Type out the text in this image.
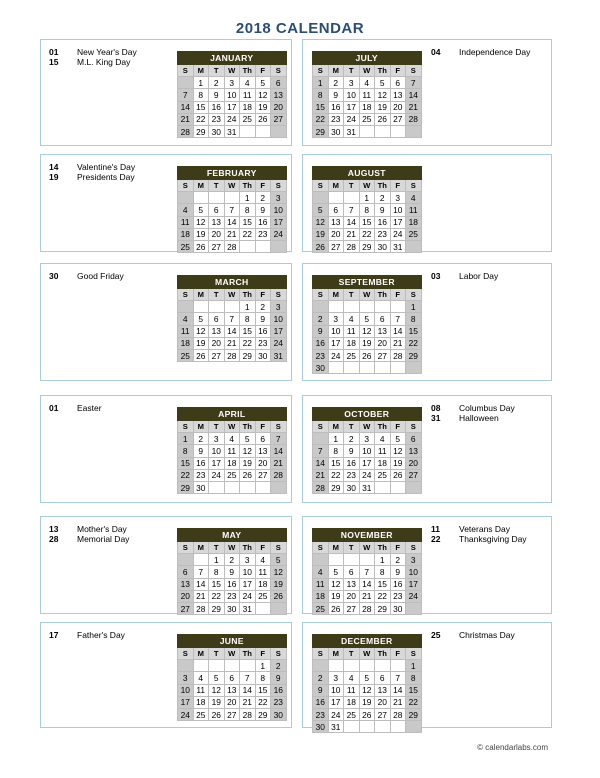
2018 CALENDAR
01 New Year's Day
15 M.L. King Day	JANUARY						
S	M	T	W	Th	F	S
	1	2	3	4	5	6
7	8	9	10	11	12	13
14	15	16	17	18	19	20
21	22	23	24	25	26	27
28	29	30	31			
14 Valentine's Day
19 Presidents Day	FEBRUARY						
S	M	T	W	Th	F	S
				1	2	3
4	5	6	7	8	9	10
11	12	13	14	15	16	17
18	19	20	21	22	23	24
25	26	27	28			
30 Good Friday
MARCH						
S	M	T	W	Th	F	S
				1	2	3
4	5	6	7	8	9	10
11	12	13	14	15	16	17
18	19	20	21	22	23	24
25	26	27	28	29	30	31
01 Easter
APRIL						
S	M	T	W	Th	F	S
1	2	3	4	5	6	7
8	9	10	11	12	13	14
15	16	17	18	19	20	21
22	23	24	25	26	27	28
29	30					
13 Mother's Day
28 Memorial Day	MAY						
S	M	T	W	Th	F	S
		1	2	3	4	5
6	7	8	9	10	11	12
13	14	15	16	17	18	19
20	21	22	23	24	25	26
27	28	29	30	31		
17 Father's Day
JUNE						
S	M	T	W	Th	F	S
					1	2
3	4	5	6	7	8	9
10	11	12	13	14	15	16
17	18	19	20	21	22	23
24	25	26	27	28	29	30
04 Independence Day
JULY						
S	M	T	W	Th	F	S
1	2	3	4	5	6	7
8	9	10	11	12	13	14
15	16	17	18	19	20	21
22	23	24	25	26	27	28
29	30	31				
AUGUST						
S	M	T	W	Th	F	S
			1	2	3	4
5	6	7	8	9	10	11
12	13	14	15	16	17	18
19	20	21	22	23	24	25
26	27	28	29	30	31	
03 Labor Day
SEPTEMBER						
S	M	T	W	Th	F	S
						1
2	3	4	5	6	7	8
9	10	11	12	13	14	15
16	17	18	19	20	21	22
23	24	25	26	27	28	29
30						
08 Columbus Day
31 Halloween
OCTOBER						
S	M	T	W	Th	F	S
	1	2	3	4	5	6
7	8	9	10	11	12	13
14	15	16	17	18	19	20
21	22	23	24	25	26	27
28	29	30	31			
11 Veterans Day
22 Thanksgiving Day
NOVEMBER						
S	M	T	W	Th	F	S
				1	2	3
4	5	6	7	8	9	10
11	12	13	14	15	16	17
18	19	20	21	22	23	24
25	26	27	28	29	30	
25 Christmas Day
DECEMBER						
S	M	T	W	Th	F	S
						1
2	3	4	5	6	7	8
9	10	11	12	13	14	15
16	17	18	19	20	21	22
23	24	25	26	27	28	29
30	31					
© calendarlabs.com
